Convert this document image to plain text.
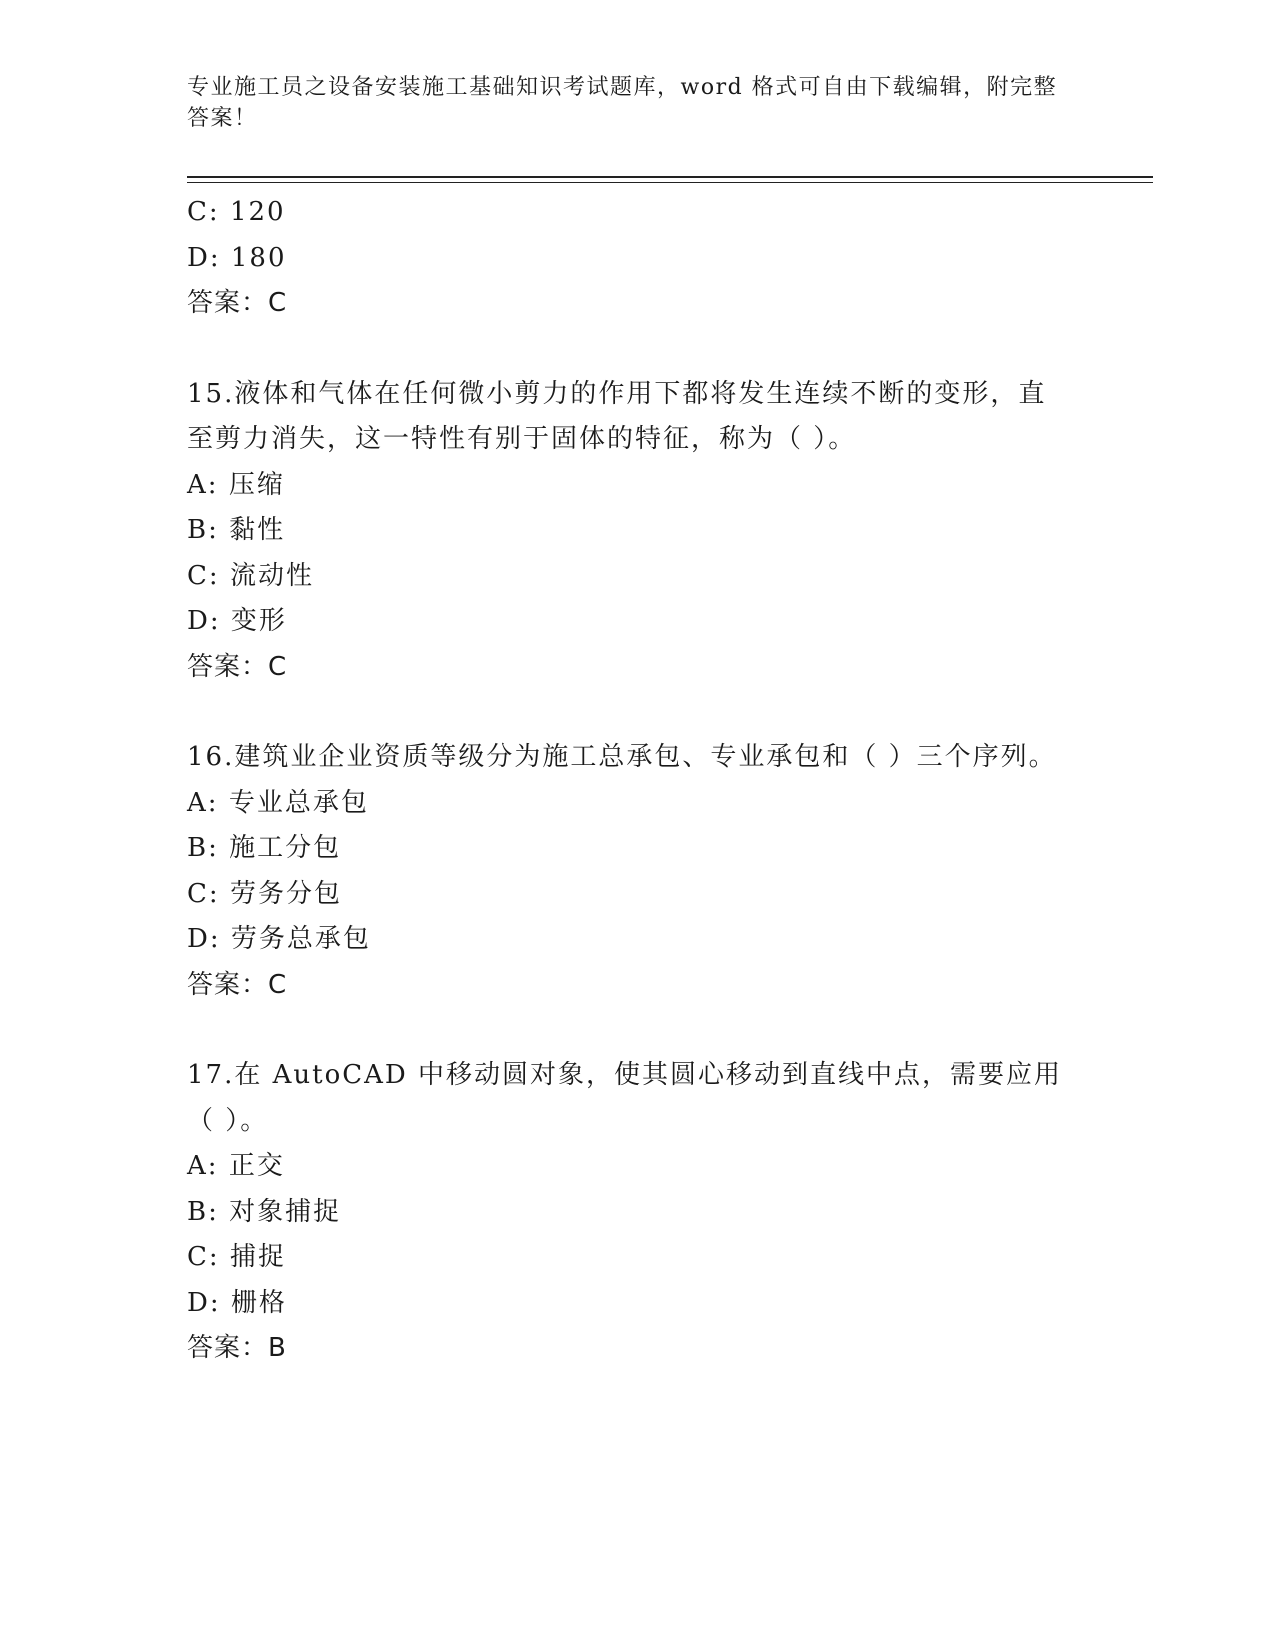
专业施工员之设备安装施工基础知识考试题库，word 格式可自由下载编辑，附完整答案！
C: 120
D: 180
答案：C
15.液体和气体在任何微小剪力的作用下都将发生连续不断的变形，直至剪力消失，这一特性有别于固体的特征，称为（ ）。
A: 压缩
B: 黏性
C: 流动性
D: 变形
答案：C
16.建筑业企业资质等级分为施工总承包、专业承包和（ ）三个序列。
A: 专业总承包
B: 施工分包
C: 劳务分包
D: 劳务总承包
答案：C
17.在 AutoCAD 中移动圆对象，使其圆心移动到直线中点，需要应用（ ）。
A: 正交
B: 对象捕捉
C: 捕捉
D: 栅格
答案：B
